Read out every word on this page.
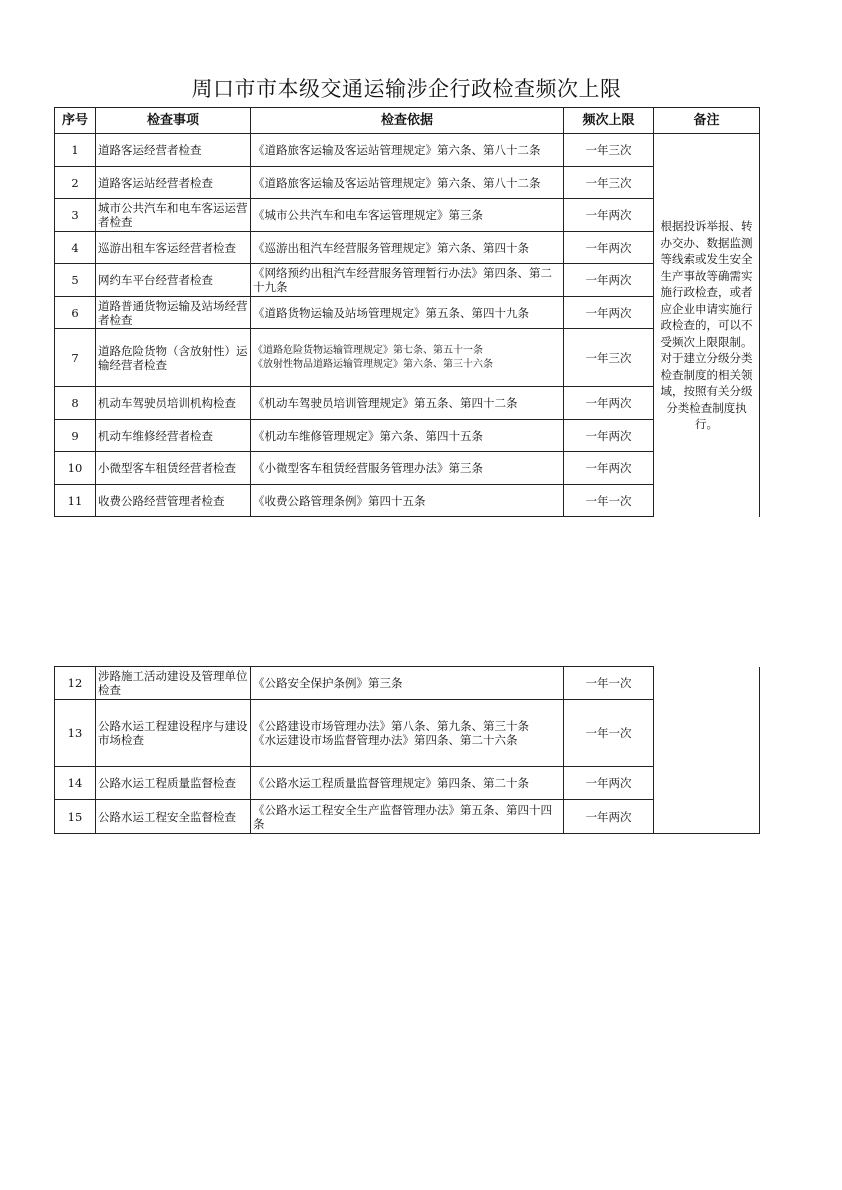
周口市市本级交通运输涉企行政检查频次上限
序号	检查事项	检查依据	频次上限	备注
1	道路客运经营者检查	《道路旅客运输及客运站管理规定》第六条、第八十二条	一年三次	根据投诉举报、转办交办、数据监测等线索或发生安全生产事故等确需实施行政检查，或者应企业申请实施行政检查的，可以不受频次上限限制。对于建立分级分类检查制度的相关领域，按照有关分级分类检查制度执行。
2	道路客运站经营者检查	《道路旅客运输及客运站管理规定》第六条、第八十二条	一年三次	
3	城市公共汽车和电车客运运营者检查	《城市公共汽车和电车客运管理规定》第三条	一年两次	
4	巡游出租车客运经营者检查	《巡游出租汽车经营服务管理规定》第六条、第四十条	一年两次	
5	网约车平台经营者检查	《网络预约出租汽车经营服务管理暂行办法》第四条、第二十九条	一年两次	
6	道路普通货物运输及站场经营者检查	《道路货物运输及站场管理规定》第五条、第四十九条	一年两次	
7	道路危险货物（含放射性）运输经营者检查	《道路危险货物运输管理规定》第七条、第五十一条
《放射性物品道路运输管理规定》第六条、第三十六条	一年三次	
8	机动车驾驶员培训机构检查	《机动车驾驶员培训管理规定》第五条、第四十二条	一年两次	
9	机动车维修经营者检查	《机动车维修管理规定》第六条、第四十五条	一年两次	
10	小微型客车租赁经营者检查	《小微型客车租赁经营服务管理办法》第三条	一年两次	
11	收费公路经营管理者检查	《收费公路管理条例》第四十五条	一年一次	
12	涉路施工活动建设及管理单位检查	《公路安全保护条例》第三条	一年一次	
13	公路水运工程建设程序与建设市场检查	《公路建设市场管理办法》第八条、第九条、第三十条
《水运建设市场监督管理办法》第四条、第二十六条	一年一次	
14	公路水运工程质量监督检查	《公路水运工程质量监督管理规定》第四条、第二十条	一年两次	
15	公路水运工程安全监督检查	《公路水运工程安全生产监督管理办法》第五条、第四十四条	一年两次	
